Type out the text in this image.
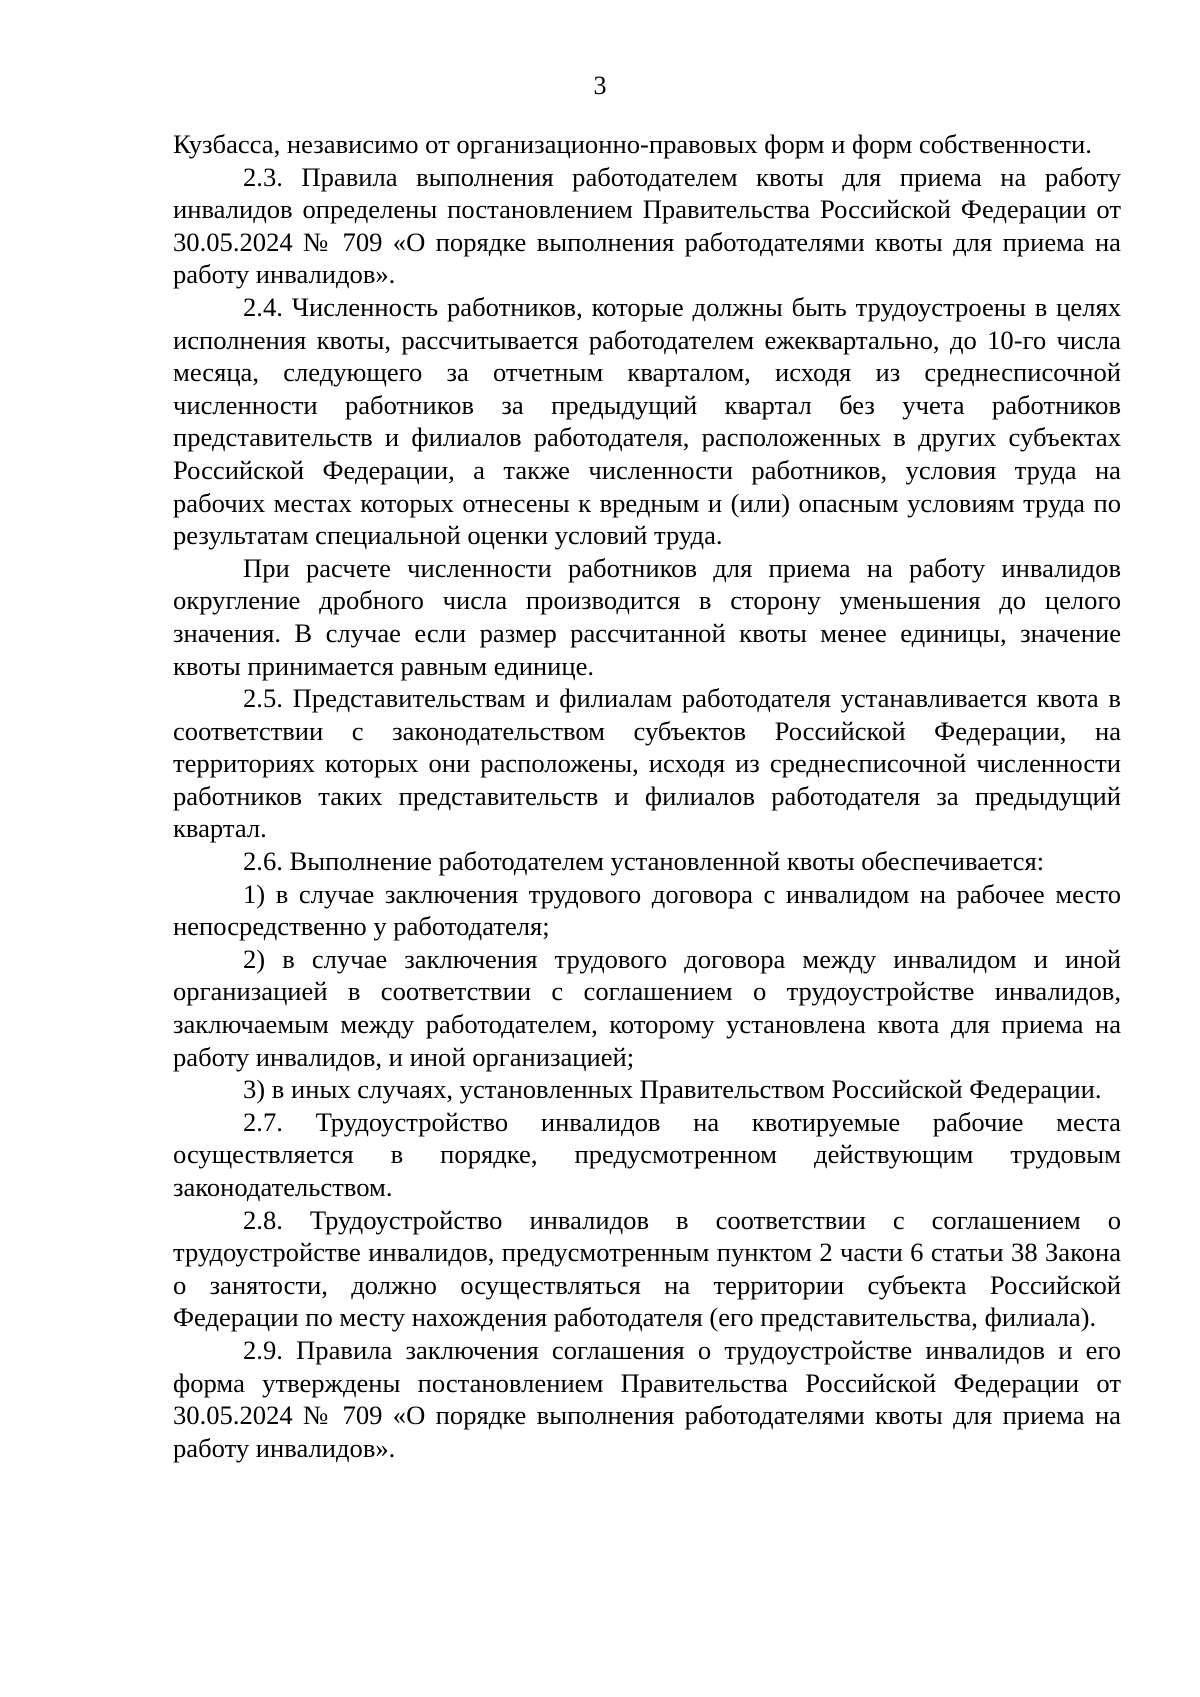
3

Кузбасса, независимо от организационно-правовых форм и форм собственности.

2.3. Правила выполнения работодателем квоты для приема на работу инвалидов определены постановлением Правительства Российской Федерации от 30.05.2024 № 709 «О порядке выполнения работодателями квоты для приема на работу инвалидов».

2.4. Численность работников, которые должны быть трудоустроены в целях исполнения квоты, рассчитывается работодателем ежеквартально, до 10-го числа месяца, следующего за отчетным кварталом, исходя из среднесписочной численности работников за предыдущий квартал без учета работников представительств и филиалов работодателя, расположенных в других субъектах Российской Федерации, а также численности работников, условия труда на рабочих местах которых отнесены к вредным и (или) опасным условиям труда по результатам специальной оценки условий труда.

При расчете численности работников для приема на работу инвалидов округление дробного числа производится в сторону уменьшения до целого значения. В случае если размер рассчитанной квоты менее единицы, значение квоты принимается равным единице.

2.5. Представительствам и филиалам работодателя устанавливается квота в соответствии с законодательством субъектов Российской Федерации, на территориях которых они расположены, исходя из среднесписочной численности работников таких представительств и филиалов работодателя за предыдущий квартал.

2.6. Выполнение работодателем установленной квоты обеспечивается:

1) в случае заключения трудового договора с инвалидом на рабочее место непосредственно у работодателя;

2) в случае заключения трудового договора между инвалидом и иной организацией в соответствии с соглашением о трудоустройстве инвалидов, заключаемым между работодателем, которому установлена квота для приема на работу инвалидов, и иной организацией;

3) в иных случаях, установленных Правительством Российской Федерации.

2.7. Трудоустройство инвалидов на квотируемые рабочие места осуществляется в порядке, предусмотренном действующим трудовым законодательством.

2.8. Трудоустройство инвалидов в соответствии с соглашением о трудоустройстве инвалидов, предусмотренным пунктом 2 части 6 статьи 38 Закона о занятости, должно осуществляться на территории субъекта Российской Федерации по месту нахождения работодателя (его представительства, филиала).

2.9. Правила заключения соглашения о трудоустройстве инвалидов и его форма утверждены постановлением Правительства Российской Федерации от 30.05.2024 № 709 «О порядке выполнения работодателями квоты для приема на работу инвалидов».
